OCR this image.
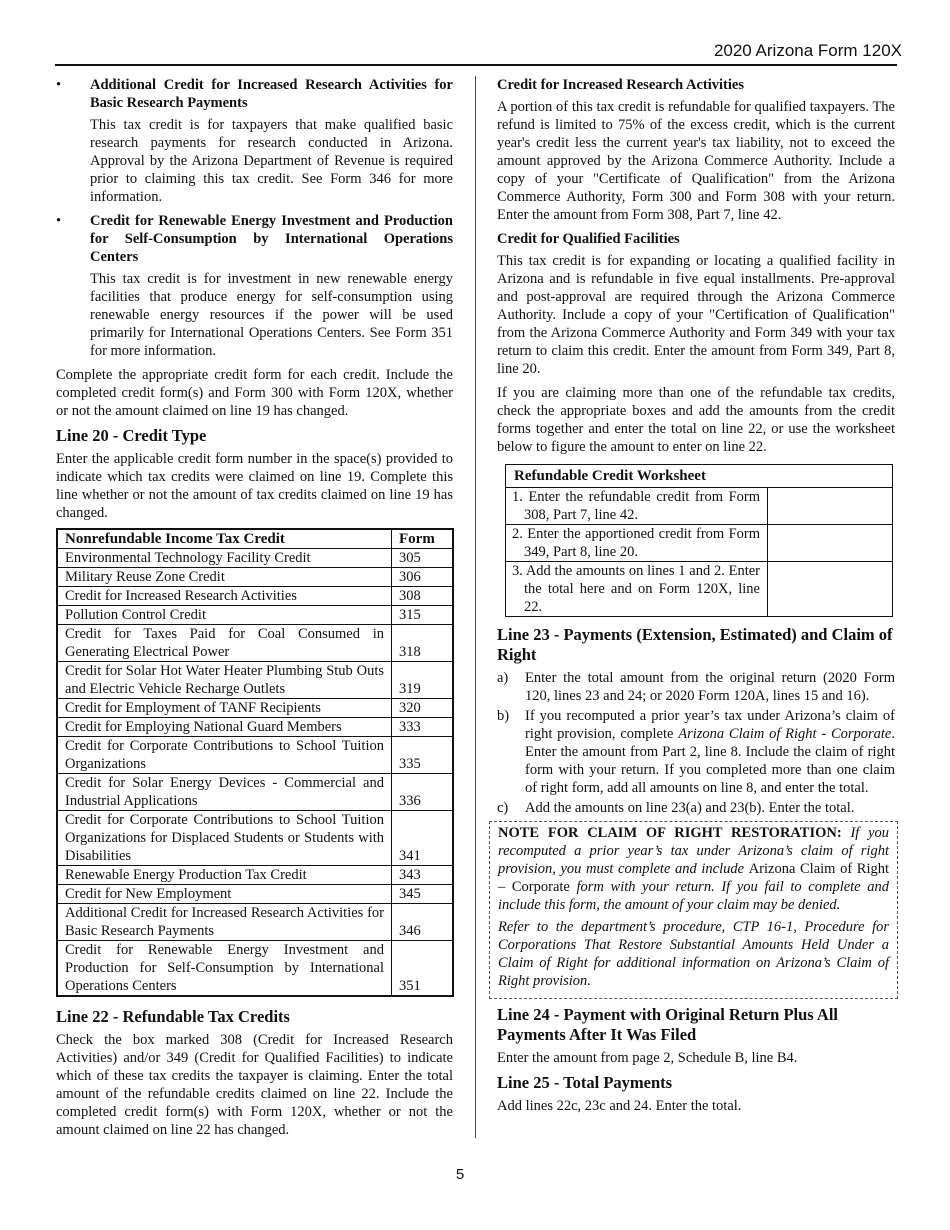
2020 Arizona Form 120X
• Additional Credit for Increased Research Activities for Basic Research Payments

This tax credit is for taxpayers that make qualified basic research payments for research conducted in Arizona. Approval by the Arizona Department of Revenue is required prior to claiming this tax credit. See Form 346 for more information.

• Credit for Renewable Energy Investment and Production for Self-Consumption by International Operations Centers

This tax credit is for investment in new renewable energy facilities that produce energy for self-consumption using renewable energy resources if the power will be used primarily for International Operations Centers. See Form 351 for more information.

Complete the appropriate credit form for each credit. Include the completed credit form(s) and Form 300 with Form 120X, whether or not the amount claimed on line 19 has changed.

Line 20 - Credit Type

Enter the applicable credit form number in the space(s) provided to indicate which tax credits were claimed on line 19. Complete this line whether or not the amount of tax credits claimed on line 19 has changed.

Nonrefundable Income Tax Credit	Form
Environmental Technology Facility Credit	305
Military Reuse Zone Credit	306
Credit for Increased Research Activities	308
Pollution Control Credit	315
Credit for Taxes Paid for Coal Consumed in Generating Electrical Power	318
Credit for Solar Hot Water Heater Plumbing Stub Outs and Electric Vehicle Recharge Outlets	319
Credit for Employment of TANF Recipients	320
Credit for Employing National Guard Members	333
Credit for Corporate Contributions to School Tuition Organizations	335
Credit for Solar Energy Devices - Commercial and Industrial Applications	336
Credit for Corporate Contributions to School Tuition Organizations for Displaced Students or Students with Disabilities	341
Renewable Energy Production Tax Credit	343
Credit for New Employment	345
Additional Credit for Increased Research Activities for Basic Research Payments	346
Credit for Renewable Energy Investment and Production for Self-Consumption by International Operations Centers	351
Line 22 - Refundable Tax Credits

Check the box marked 308 (Credit for Increased Research Activities) and/or 349 (Credit for Qualified Facilities) to indicate which of these tax credits the taxpayer is claiming. Enter the total amount of the refundable credits claimed on line 22. Include the completed credit form(s) with Form 120X, whether or not the amount claimed on line 22 has changed.

Credit for Increased Research Activities

A portion of this tax credit is refundable for qualified taxpayers. The refund is limited to 75% of the excess credit, which is the current year's credit less the current year's tax liability, not to exceed the amount approved by the Arizona Commerce Authority. Include a copy of your "Certificate of Qualification" from the Arizona Commerce Authority, Form 300 and Form 308 with your return. Enter the amount from Form 308, Part 7, line 42.

Credit for Qualified Facilities

This tax credit is for expanding or locating a qualified facility in Arizona and is refundable in five equal installments. Pre-approval and post-approval are required through the Arizona Commerce Authority. Include a copy of your "Certification of Qualification" from the Arizona Commerce Authority and Form 349 with your tax return to claim this credit. Enter the amount from Form 349, Part 8, line 20.

If you are claiming more than one of the refundable tax credits, check the appropriate boxes and add the amounts from the credit forms together and enter the total on line 22, or use the worksheet below to figure the amount to enter on line 22.

Refundable Credit Worksheet	
1. Enter the refundable credit from Form 308, Part 7, line 42.	
2. Enter the apportioned credit from Form 349, Part 8, line 20.	
3. Add the amounts on lines 1 and 2. Enter the total here and on Form 120X, line 22.	
Line 23 - Payments (Extension, Estimated) and Claim of Right
a) Enter the total amount from the original return (2020 Form 120, lines 23 and 24; or 2020 Form 120A, lines 15 and 16).
b) If you recomputed a prior year’s tax under Arizona’s claim of right provision, complete Arizona Claim of Right - Corporate. Enter the amount from Part 2, line 8. Include the claim of right form with your return. If you completed more than one claim of right form, add all amounts on line 8, and enter the total.
c) Add the amounts on line 23(a) and 23(b). Enter the total.

NOTE FOR CLAIM OF RIGHT RESTORATION: If you recomputed a prior year’s tax under Arizona’s claim of right provision, you must complete and include Arizona Claim of Right – Corporate form with your return. If you fail to complete and include this form, the amount of your claim may be denied.

Refer to the department’s procedure, CTP 16-1, Procedure for Corporations That Restore Substantial Amounts Held Under a Claim of Right for additional information on Arizona’s Claim of Right provision.

Line 24 - Payment with Original Return Plus All Payments After It Was Filed

Enter the amount from page 2, Schedule B, line B4.

Line 25 - Total Payments

Add lines 22c, 23c and 24. Enter the total.

5
